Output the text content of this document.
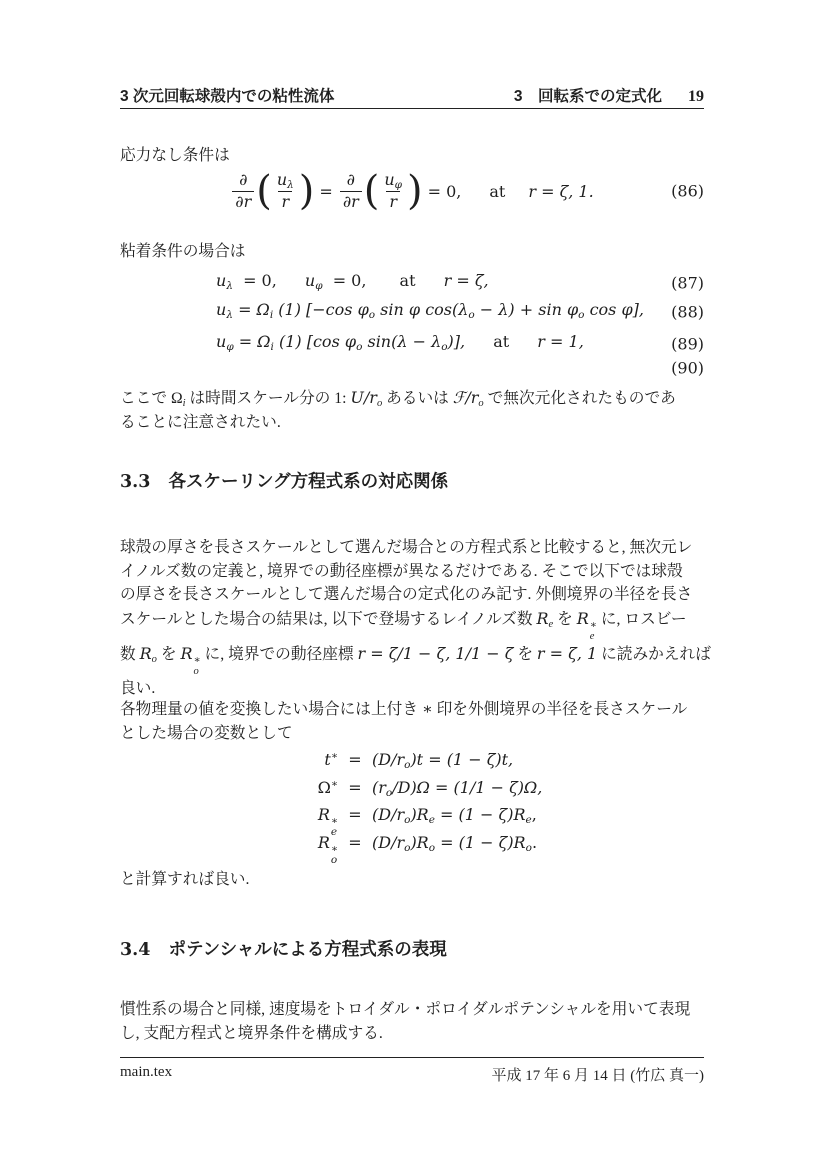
3 次元回転球殻内での粘性流体	3　回転系での定式化 19
応力なし条件は
$\frac{\partial}{\partial r}$ ( $\frac{u_\lambda}{r}$ ) = $\frac{\partial}{\partial r}$ ( $\frac{u_\varphi}{r}$ ) = 0, at r = ζ, 1.	(86)
粘着条件の場合は
$u_\lambda = 0$, $u_\varphi = 0$, at r = ζ,	(87)
$u_\lambda = \Omega_i$ (1) [−cos $\varphi_o$ sin φ $\cos(\lambda_o - \lambda) + \sin \varphi_o$ cos φ], (88)
$u_\varphi = \Omega_i$ (1) [cos $\varphi_o$ $\sin(\lambda - \lambda_o)$], at r = 1,	(89)
(90)
ここで $\Omega_i$ は時間スケール分の 1: $U/r_o$ あるいは $ℱ/r_o$ で無次元化されたものであ
ることに注意されたい.
3.3 各スケーリング方程式系の対応関係
球殻の厚さを長さスケールとして選んだ場合との方程式系と比較すると, 無次元レ
イノルズ数の定義と, 境界での動径座標が異なるだけである. そこで以下では球殻
の厚さを長さスケールとして選んだ場合の定式化のみ記す. 外側境界の半径を長さ
スケールとした場合の結果は, 以下で登場するレイノルズ数 $R_e$ を R ∗
e
に, ロスビー
数 $R_o$ を R ∗
o
に, 境界での動径座標 r = ζ/1 − ζ, 1/1 − ζ を r = ζ, 1 に読みかえれば
良い.
各物理量の値を変換したい場合には上付き ∗ 印を外側境界の半径を長さスケール
とした場合の変数として
$t^∗ = (D/r_o)t = (1 - \zeta)t$,
$\Omega^∗ = (r_o/D)\Omega = (1/1 - \zeta)\Omega$,
R ∗
e
= $(D/r_o)R_e = (1 - \zeta)R_e$,
R ∗
o
= $(D/r_o)R_o = (1 - \zeta)R_o$.
と計算すれば良い.
3.4 ポテンシャルによる方程式系の表現
慣性系の場合と同様, 速度場をトロイダル・ポロイダルポテンシャルを用いて表現
し, 支配方程式と境界条件を構成する.
main.tex	平成 17 年 6 月 14 日 (竹広 真一)
